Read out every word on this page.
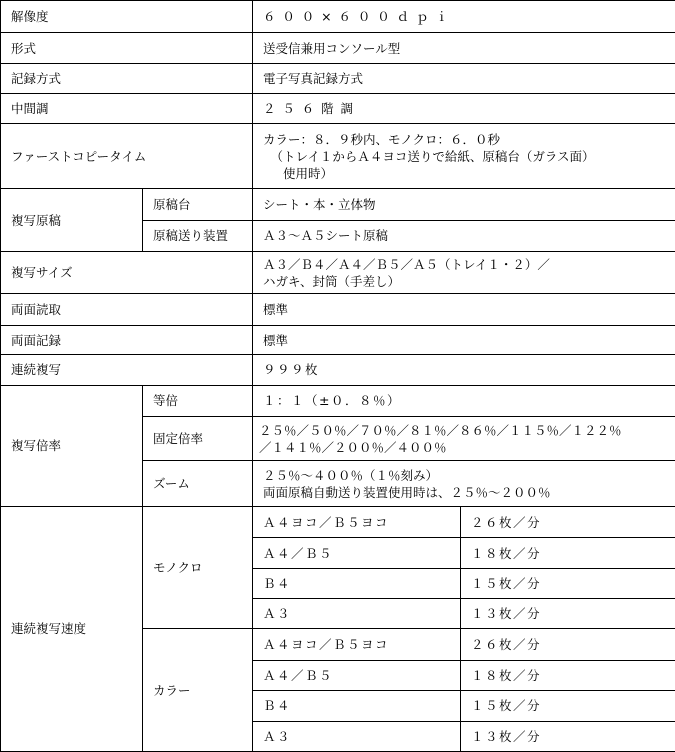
解像度		６００×６００ｄｐｉ	
形式		送受信兼用コンソール型	
記録方式		電子写真記録方式	
中間調		２５６階調	
ファーストコピータイム		カラー：８．９秒内、モノクロ：６．０秒
（トレイ１からＡ４ヨコ送りで給紙、原稿台（ガラス面）
使用時）	

複写原稿	原稿台	シート・本・立体物	
	原稿送り装置	Ａ３〜Ａ５シート原稿	
複写サイズ		Ａ３／Ｂ４／Ａ４／Ｂ５／Ａ５（トレイ１・２）／
ハガキ、封筒（手差し）	

両面読取		標準	
両面記録		標準	
連続複写		９９９枚	
複写倍率	等倍	１：１（±０．８％）	
	固定倍率	２５％／５０％／７０％／８１％／８６％／１１５％／１２２％
／１４１％／２００％／４００％	

	ズーム	２５％〜４００％（１％刻み）
両面原稿自動送り装置使用時は、２５％〜２００％	

連続複写速度	モノクロ	Ａ４ヨコ／Ｂ５ヨコ	２６枚／分
		Ａ４／Ｂ５	１８枚／分
		Ｂ４	１５枚／分
		Ａ３	１３枚／分
	カラー	Ａ４ヨコ／Ｂ５ヨコ	２６枚／分
		Ａ４／Ｂ５	１８枚／分
		Ｂ４	１５枚／分
		Ａ３	１３枚／分
